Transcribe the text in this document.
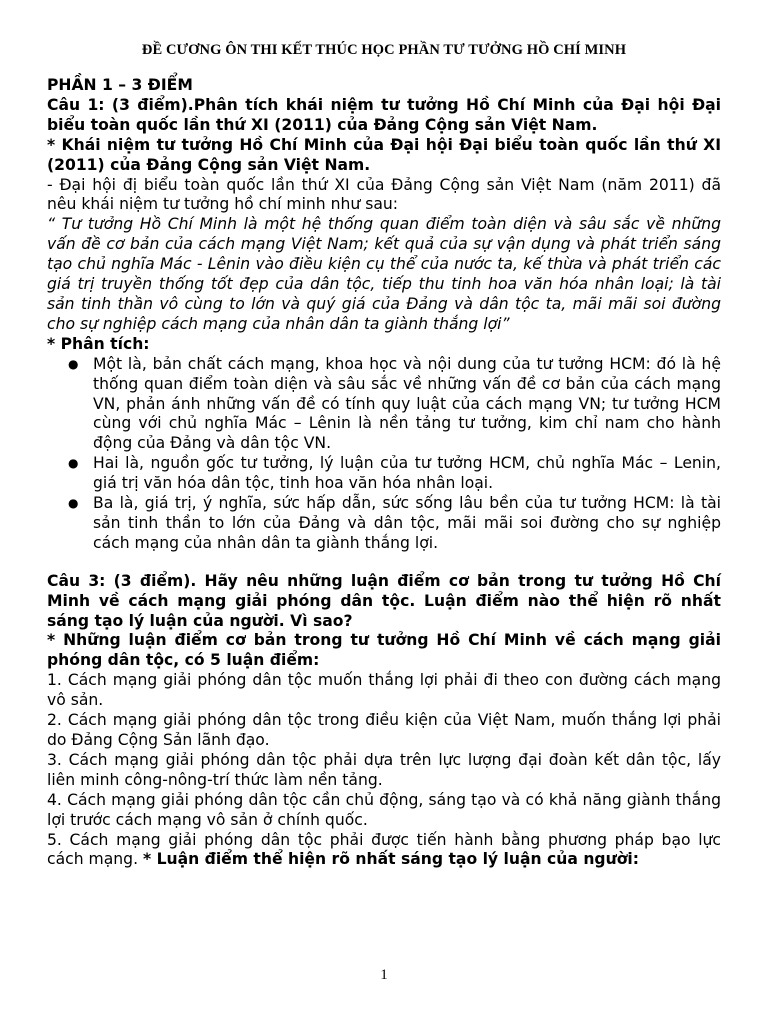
ĐỀ CƯƠNG ÔN THI KẾT THÚC HỌC PHẦN TƯ TƯỞNG HỒ CHÍ MINH

PHẦN 1 – 3 ĐIỂM

Câu 1: (3 điểm).Phân tích khái niệm tư tưởng Hồ Chí Minh của Đại hội Đại biểu toàn quốc lần thứ XI (2011) của Đảng Cộng sản Việt Nam.

* Khái niệm tư tưởng Hồ Chí Minh của Đại hội Đại biểu toàn quốc lần thứ XI (2011) của Đảng Cộng sản Việt Nam.

- Đại hội đị biểu toàn quốc lần thứ XI của Đảng Cộng sản Việt Nam (năm 2011) đã nêu khái niệm tư tưởng hồ chí minh như sau:

“ Tư tưởng Hồ Chí Minh là một hệ thống quan điểm toàn diện và sâu sắc về những vấn đề cơ bản của cách mạng Việt Nam; kết quả của sự vận dụng và phát triển sáng tạo chủ nghĩa Mác - Lênin vào điều kiện cụ thể của nước ta, kế thừa và phát triển các giá trị truyền thống tốt đẹp của dân tộc, tiếp thu tinh hoa văn hóa nhân loại; là tài sản tinh thần vô cùng to lớn và quý giá của Đảng và dân tộc ta, mãi mãi soi đường cho sự nghiệp cách mạng của nhân dân ta giành thắng lợi”

* Phân tích:

● Một là, bản chất cách mạng, khoa học và nội dung của tư tưởng HCM: đó là hệ thống quan điểm toàn diện và sâu sắc về những vấn đề cơ bản của cách mạng VN, phản ánh những vấn đề có tính quy luật của cách mạng VN; tư tưởng HCM cùng với chủ nghĩa Mác – Lênin là nền tảng tư tưởng, kim chỉ nam cho hành động của Đảng và dân tộc VN.
● Hai là, nguồn gốc tư tưởng, lý luận của tư tưởng HCM, chủ nghĩa Mác – Lenin, giá trị văn hóa dân tộc, tinh hoa văn hóa nhân loại.
● Ba là, giá trị, ý nghĩa, sức hấp dẫn, sức sống lâu bền của tư tưởng HCM: là tài sản tinh thần to lớn của Đảng và dân tộc, mãi mãi soi đường cho sự nghiệp cách mạng của nhân dân ta giành thắng lợi.

Câu 3: (3 điểm). Hãy nêu những luận điểm cơ bản trong tư tưởng Hồ Chí Minh về cách mạng giải phóng dân tộc. Luận điểm nào thể hiện rõ nhất sáng tạo lý luận của người. Vì sao?

* Những luận điểm cơ bản trong tư tưởng Hồ Chí Minh về cách mạng giải phóng dân tộc, có 5 luận điểm:

1. Cách mạng giải phóng dân tộc muốn thắng lợi phải đi theo con đường cách mạng vô sản.

2. Cách mạng giải phóng dân tộc trong điều kiện của Việt Nam, muốn thắng lợi phải do Đảng Cộng Sản lãnh đạo.

3. Cách mạng giải phóng dân tộc phải dựa trên lực lượng đại đoàn kết dân tộc, lấy liên minh công-nông-trí thức làm nền tảng.

4. Cách mạng giải phóng dân tộc cần chủ động, sáng tạo và có khả năng giành thắng lợi trước cách mạng vô sản ở chính quốc.

5. Cách mạng giải phóng dân tộc phải được tiến hành bằng phương pháp bạo lực cách mạng. * Luận điểm thể hiện rõ nhất sáng tạo lý luận của người:

1
